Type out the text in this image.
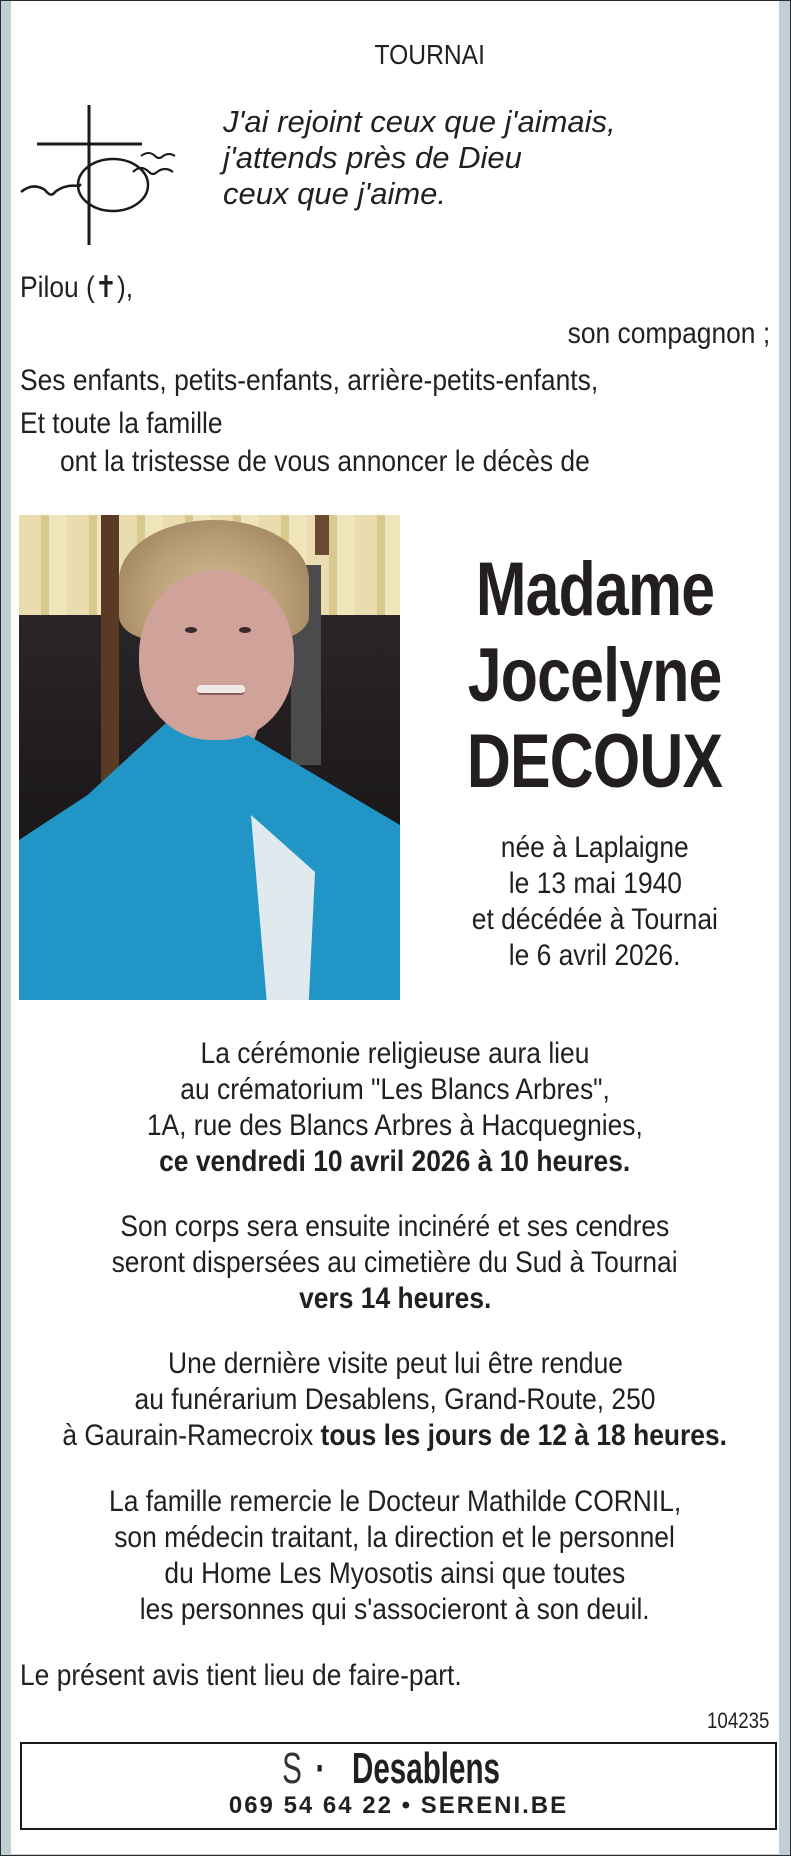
TOURNAI
J'ai rejoint ceux que j'aimais,
j'attends près de Dieu
ceux que j'aime.
Pilou (✝),
son compagnon ;
Ses enfants, petits-enfants, arrière-petits-enfants,
Et toute la famille
ont la tristesse de vous annoncer le décès de
Madame
Jocelyne
DECOUX
née à Laplaigne
le 13 mai 1940
et décédée à Tournai
le 6 avril 2026.
La cérémonie religieuse aura lieu
au crématorium "Les Blancs Arbres",
1A, rue des Blancs Arbres à Hacquegnies,
ce vendredi 10 avril 2026 à 10 heures.
Son corps sera ensuite incinéré et ses cendres
seront dispersées au cimetière du Sud à Tournai
vers 14 heures.
Une dernière visite peut lui être rendue
au funérarium Desablens, Grand-Route, 250
à Gaurain-Ramecroix tous les jours de 12 à 18 heures.
La famille remercie le Docteur Mathilde CORNIL,
son médecin traitant, la direction et le personnel
du Home Les Myosotis ainsi que toutes
les personnes qui s'associeront à son deuil.
Le présent avis tient lieu de faire-part.
104235
S · Desablens
069 54 64 22 • SERENI.BE
